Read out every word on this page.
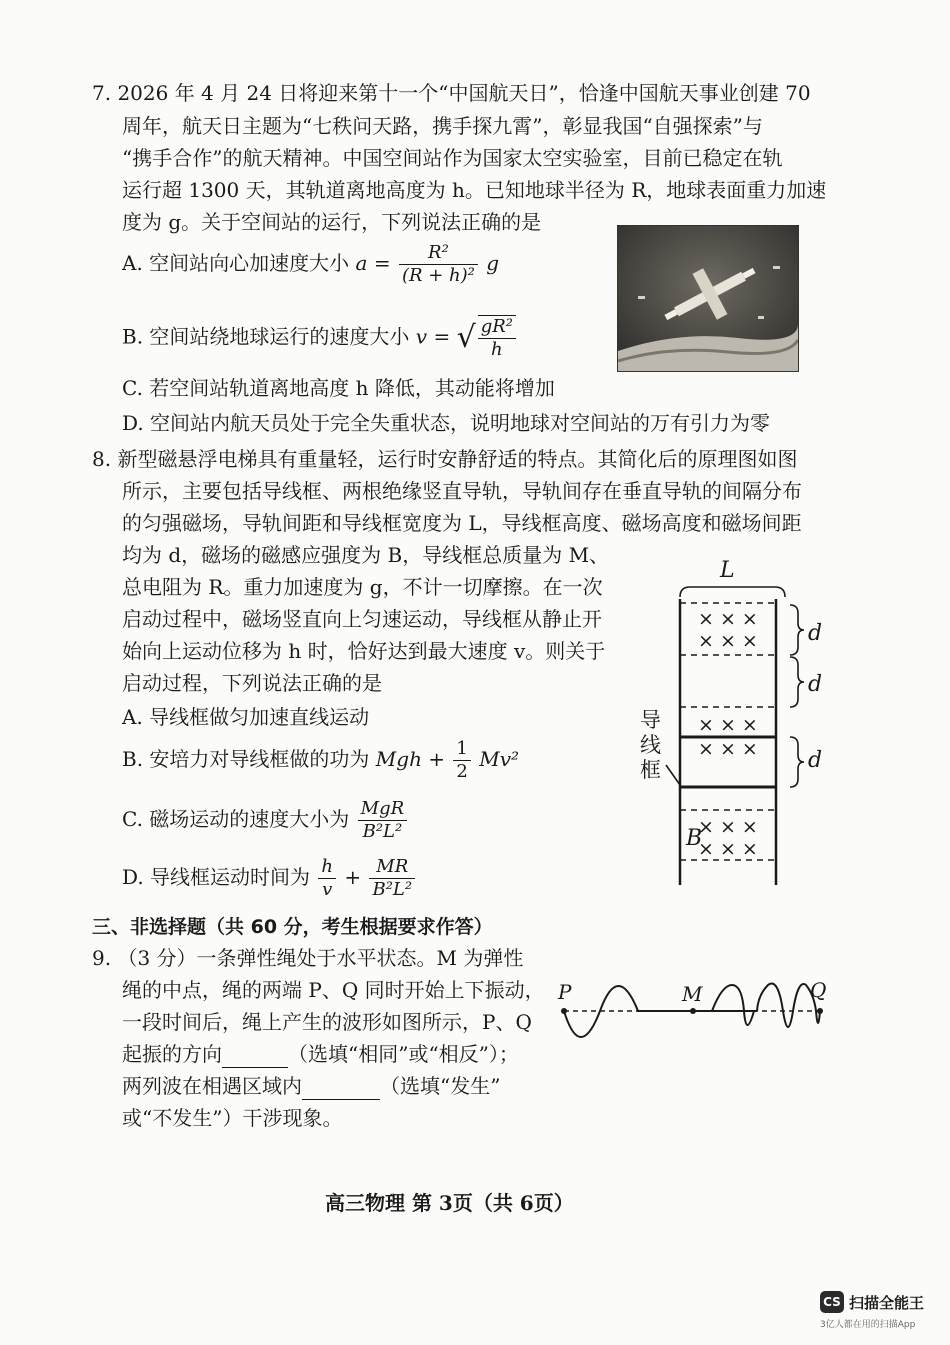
7. 2026 年 4 月 24 日将迎来第十一个“中国航天日”，恰逢中国航天事业创建 70
周年，航天日主题为“七秩问天路，携手探九霄”，彰显我国“自强探索”与
“携手合作”的航天精神。中国空间站作为国家太空实验室，目前已稳定在轨
运行超 1300 天，其轨道离地高度为 h。已知地球半径为 R，地球表面重力加速
度为 g。关于空间站的运行，下列说法正确的是
A. 空间站向心加速度大小 $a = \frac{\text{R²}}{\text{(R + h)²}}$ g
B. 空间站绕地球运行的速度大小 v = √ $\frac{\text{gR²}}{h}$
C. 若空间站轨道离地高度 h 降低，其动能将增加
D. 空间站内航天员处于完全失重状态，说明地球对空间站的万有引力为零
8. 新型磁悬浮电梯具有重量轻，运行时安静舒适的特点。其简化后的原理图如图
所示，主要包括导线框、两根绝缘竖直导轨，导轨间存在垂直导轨的间隔分布
的匀强磁场，导轨间距和导线框宽度为 L，导线框高度、磁场高度和磁场间距
均为 d，磁场的磁感应强度为 B，导线框总质量为 M、
总电阻为 R。重力加速度为 g，不计一切摩擦。在一次
启动过程中，磁场竖直向上匀速运动，导线框从静止开
始向上运动位移为 h 时，恰好达到最大速度 v。则关于
启动过程，下列说法正确的是
A. 导线框做匀加速直线运动
B. 安培力对导线框做的功为 Mgh + $\frac{1}{2} Mv^2$
C. 磁场运动的速度大小为 $\frac{\text{MgR}}{\text{B²L²}}$
D. 导线框运动时间为 $\frac{h}{v} + \frac{MR}{\text{B²L²}}$
L
d
d
d
B
导
线
框
× × ×
× × ×
× × ×
× × ×
× × ×
× × ×
三、非选择题（共 60 分，考生根据要求作答）
9. （3 分）一条弹性绳处于水平状态。M 为弹性
绳的中点，绳的两端 P、Q 同时开始上下振动，
一段时间后，绳上产生的波形如图所示，P、Q
起振的方向	（选填“相同”或“相反”）；
两列波在相遇区域内	（选填“发生”
或“不发生”）干涉现象。
P	M	Q
高三物理 第 3页（共 6页）
CS 扫描全能王
3亿人都在用的扫描App
